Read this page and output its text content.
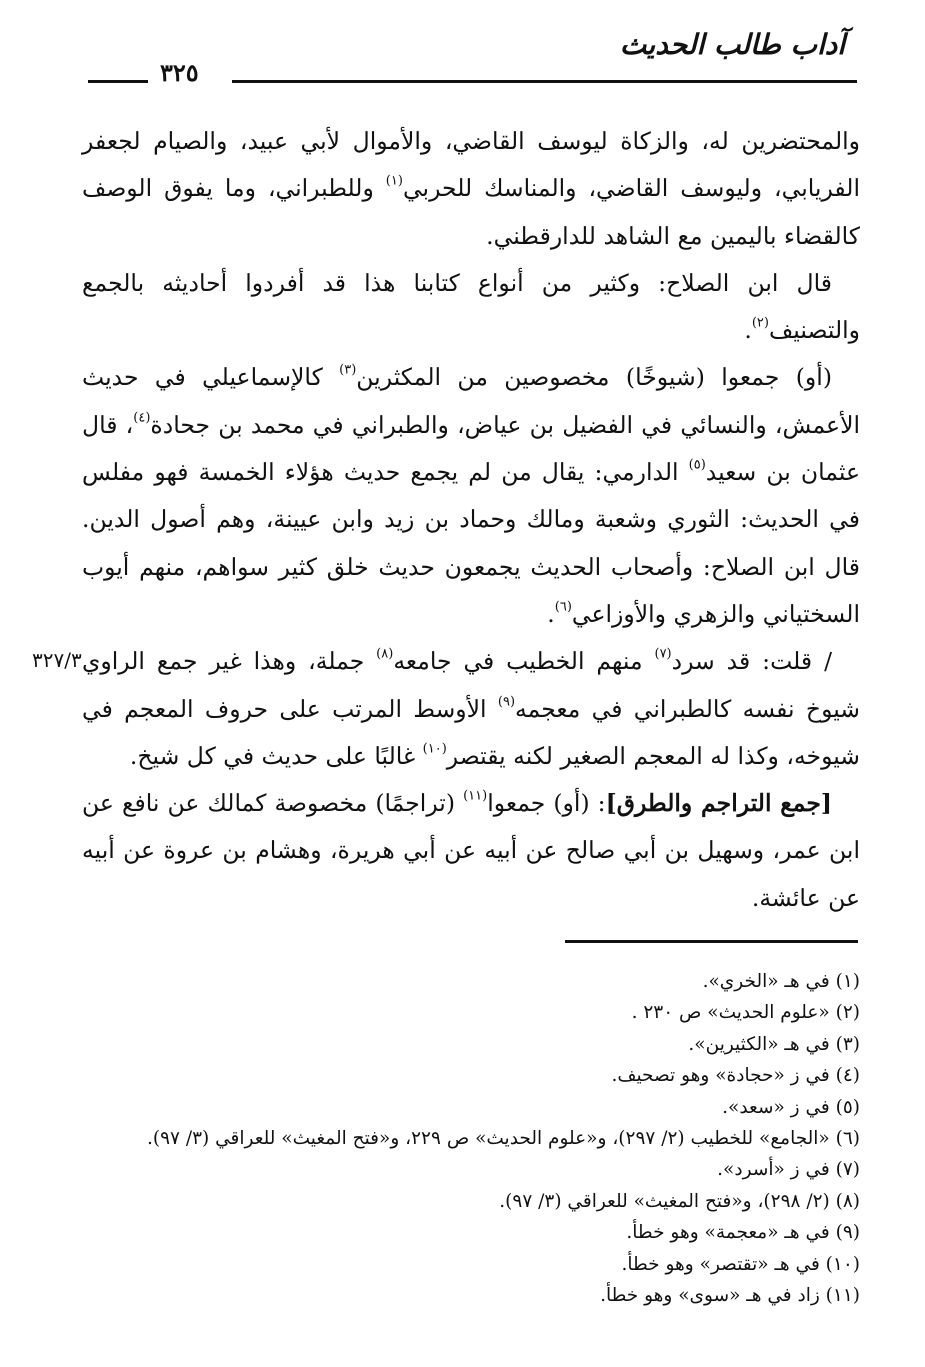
آداب طالب الحديث
٣٢٥

والمحتضرين له، والزكاة ليوسف القاضي، والأموال لأبي عبيد، والصيام لجعفر الفريابي، وليوسف القاضي، والمناسك للحربي$^{(١)}$ وللطبراني، وما يفوق الوصف كالقضاء باليمين مع الشاهد للدارقطني.

قال ابن الصلاح: وكثير من أنواع كتابنا هذا قد أفردوا أحاديثه بالجمع والتصنيف$^{(٢)}$.

(أو) جمعوا (شيوخًا) مخصوصين من المكثرين$^{(٣)}$ كالإسماعيلي في حديث الأعمش، والنسائي في الفضيل بن عياض، والطبراني في محمد بن جحادة$^{(٤)}$، قال عثمان بن سعيد$^{(٥)}$ الدارمي: يقال من لم يجمع حديث هؤلاء الخمسة فهو مفلس في الحديث: الثوري وشعبة ومالك وحماد بن زيد وابن عيينة، وهم أصول الدين. قال ابن الصلاح: وأصحاب الحديث يجمعون حديث خلق كثير سواهم، منهم أيوب السختياني والزهري والأوزاعي$^{(٦)}$.

/ قلت: قد سرد$^{(٧)}$ منهم الخطيب في جامعه$^{(٨)}$ جملة، وهذا غير جمع الراوي شيوخ نفسه كالطبراني في معجمه$^{(٩)}$ الأوسط المرتب على حروف المعجم في شيوخه، وكذا له المعجم الصغير لكنه يقتصر$^{(١٠)}$ غالبًا على حديث في كل شيخ.

[جمع التراجم والطرق]: (أو) جمعوا$^{(١١)}$ (تراجمًا) مخصوصة كمالك عن نافع عن ابن عمر، وسهيل بن أبي صالح عن أبيه عن أبي هريرة، وهشام بن عروة عن أبيه عن عائشة.

٣٢٧/٣
(١) في هـ «الخري».
(٢) «علوم الحديث» ص ٢٣٠ .
(٣) في هـ «الكثيرين».
(٤) في ز «حجادة» وهو تصحيف.
(٥) في ز «سعد».
(٦) «الجامع» للخطيب (٢/ ٢٩٧)، و«علوم الحديث» ص ٢٢٩، و«فتح المغيث» للعراقي (٣/ ٩٧).
(٧) في ز «أسرد».
(٨) (٢/ ٢٩٨)، و«فتح المغيث» للعراقي (٣/ ٩٧).
(٩) في هـ «معجمة» وهو خطأ.
(١٠) في هـ «تقتصر» وهو خطأ.
(١١) زاد في هـ «سوى» وهو خطأ.
